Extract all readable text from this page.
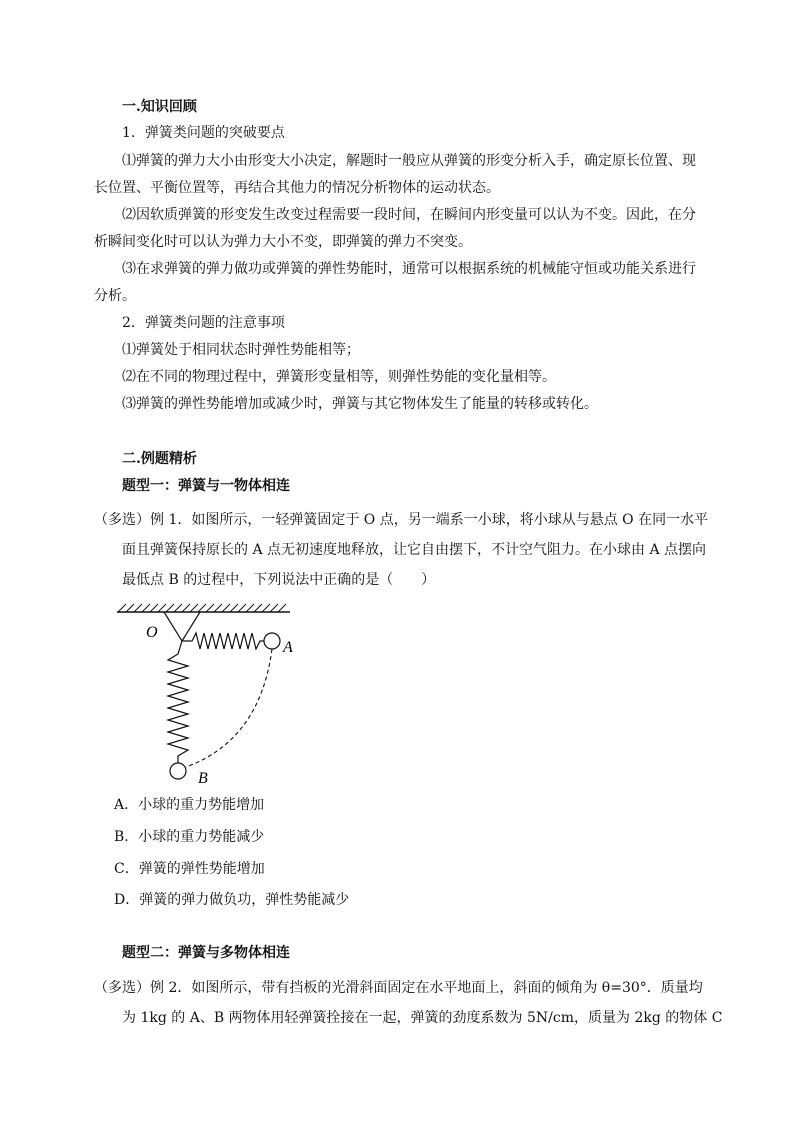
一.知识回顾
1．弹簧类问题的突破要点
⑴弹簧的弹力大小由形变大小决定，解题时一般应从弹簧的形变分析入手，确定原长位置、现
长位置、平衡位置等，再结合其他力的情况分析物体的运动状态。
⑵因软质弹簧的形变发生改变过程需要一段时间，在瞬间内形变量可以认为不变。因此，在分
析瞬间变化时可以认为弹力大小不变，即弹簧的弹力不突变。
⑶在求弹簧的弹力做功或弹簧的弹性势能时，通常可以根据系统的机械能守恒或功能关系进行
分析。
2．弹簧类问题的注意事项
⑴弹簧处于相同状态时弹性势能相等；
⑵在不同的物理过程中，弹簧形变量相等，则弹性势能的变化量相等。
⑶弹簧的弹性势能增加或减少时，弹簧与其它物体发生了能量的转移或转化。
二.例题精析
题型一：弹簧与一物体相连
（多选）例 1．如图所示，一轻弹簧固定于 O 点，另一端系一小球，将小球从与悬点 O 在同一水平
面且弹簧保持原长的 A 点无初速度地释放，让它自由摆下，不计空气阻力。在小球由 A 点摆向
最低点 B 的过程中，下列说法中正确的是（　　）
O
A
B
A．小球的重力势能增加
B．小球的重力势能减少
C．弹簧的弹性势能增加
D．弹簧的弹力做负功，弹性势能减少
题型二：弹簧与多物体相连
（多选）例 2．如图所示，带有挡板的光滑斜面固定在水平地面上，斜面的倾角为 θ=30°．质量均
为 1kg 的 A、B 两物体用轻弹簧拴接在一起，弹簧的劲度系数为 5N/cm，质量为 2kg 的物体 C
